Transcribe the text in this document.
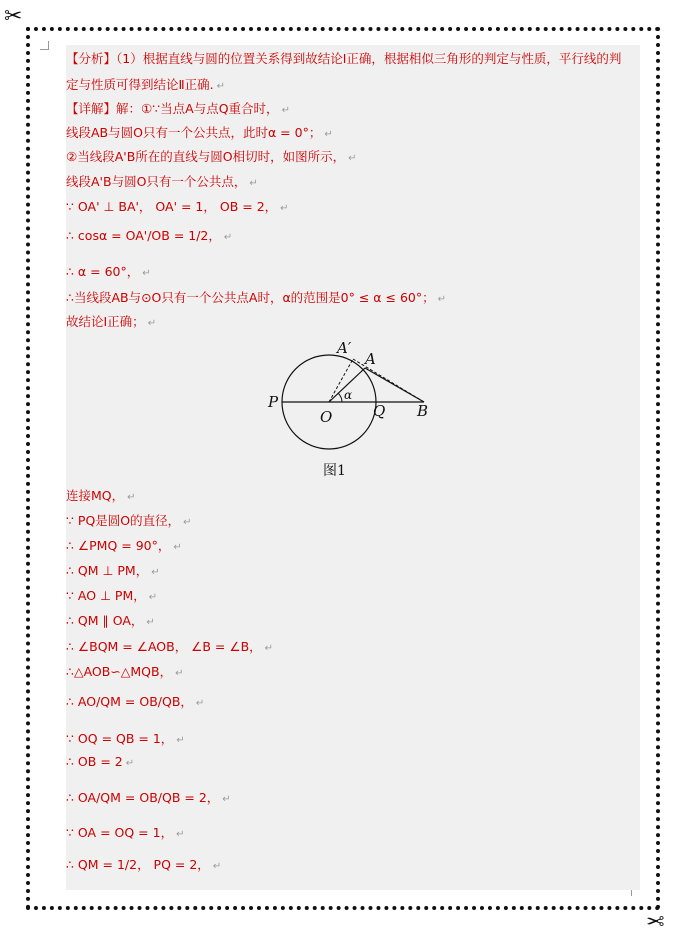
✂
✂
【分析】（1）根据直线与圆的位置关系得到故结论Ⅰ正确，根据相似三角形的判定与性质，平行线的判
定与性质可得到结论Ⅱ正确. ↵
【详解】解：①∵当点A与点Q重合时， ↵
线段AB与圆O只有一个公共点，此时α = 0°； ↵
②当线段A'B所在的直线与圆O相切时，如图所示， ↵
线段A'B与圆O只有一个公共点， ↵
∵ OA' ⊥ BA'， OA' = 1， OB = 2， ↵
∴ cosα = OA'/OB = 1/2， ↵
∴ α = 60°， ↵
∴当线段AB与⊙O只有一个公共点A时，α的范围是0° ≤ α ≤ 60°； ↵
故结论Ⅰ正确； ↵
P
O	Q B
A
A′
α
图1
连接MQ， ↵
∵ PQ是圆O的直径， ↵
∴ ∠PMQ = 90°， ↵
∴ QM ⊥ PM， ↵
∵ AO ⊥ PM， ↵
∴ QM ∥ OA， ↵
∴ ∠BQM = ∠AOB， ∠B = ∠B， ↵
∴△AOB∽△MQB， ↵
∴ AO/QM = OB/QB， ↵
∵ OQ = QB = 1， ↵
∴ OB = 2 ↵
∴ OA/QM = OB/QB = 2， ↵
∵ OA = OQ = 1， ↵
∴ QM = 1/2， PQ = 2， ↵
